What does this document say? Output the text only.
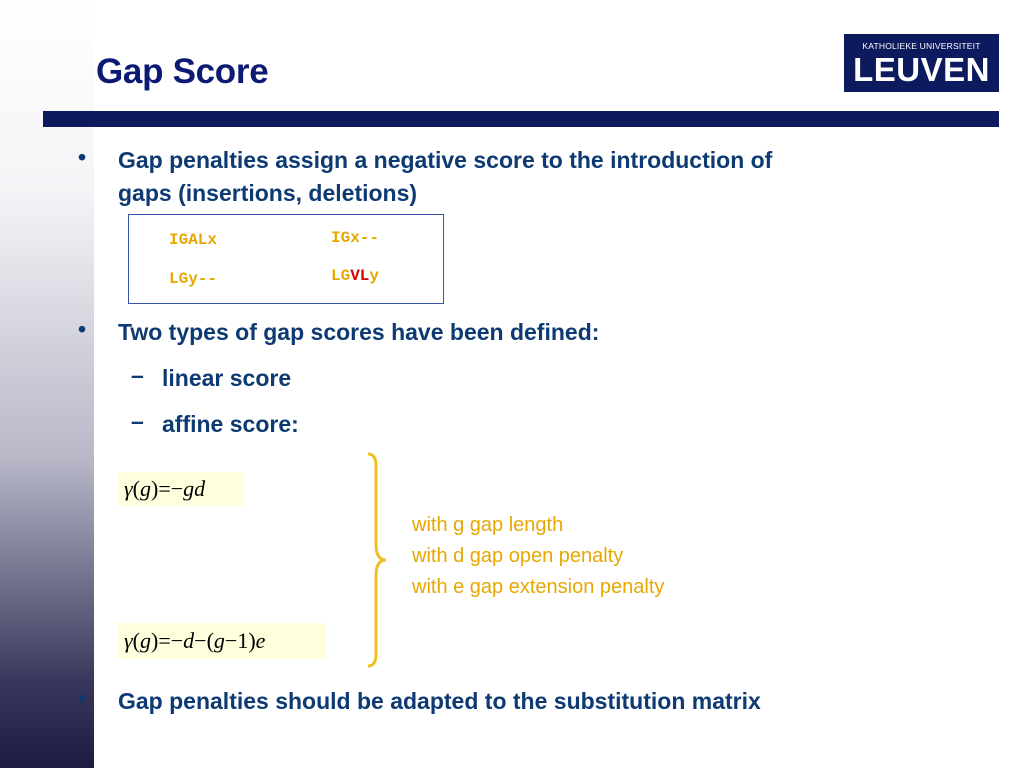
Gap Score
KATHOLIEKE UNIVERSITEIT
LEUVEN
• Gap penalties assign a negative score to the introduction of
gaps (insertions, deletions)
IGALx
LGy--
IGx--
LGVLy
• Two types of gap scores have been defined:
– linear score
– affine score:
γ(g)=−gd
with g gap length
with d gap open penalty
with e gap extension penalty
γ(g)=−d−(g−1)e
• Gap penalties should be adapted to the substitution matrix
